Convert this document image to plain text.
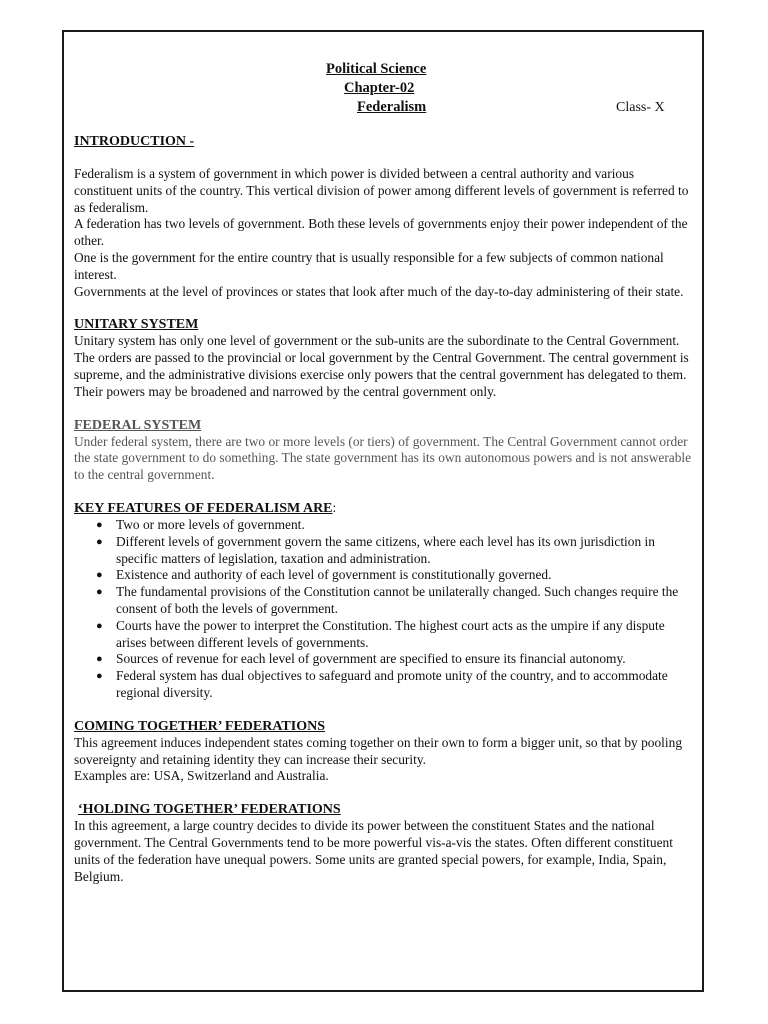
Political Science
Chapter-02
Federalism	Class- X
INTRODUCTION -

Federalism is a system of government in which power is divided between a central authority and various constituent units of the country. This vertical division of power among different levels of government is referred to as federalism.

A federation has two levels of government. Both these levels of governments enjoy their power independent of the other.

One is the government for the entire country that is usually responsible for a few subjects of common national interest.

Governments at the level of provinces or states that look after much of the day-to-day administering of their state.

UNITARY SYSTEM

Unitary system has only one level of government or the sub-units are the subordinate to the Central Government. The orders are passed to the provincial or local government by the Central Government. The central government is supreme, and the administrative divisions exercise only powers that the central government has delegated to them. Their powers may be broadened and narrowed by the central government only.

FEDERAL SYSTEM

Under federal system, there are two or more levels (or tiers) of government. The Central Government cannot order the state government to do something. The state government has its own autonomous powers and is not answerable to the central government.

KEY FEATURES OF FEDERALISM ARE:
● Two or more levels of government.
● Different levels of government govern the same citizens, where each level has its own jurisdiction in specific matters of legislation, taxation and administration.
● Existence and authority of each level of government is constitutionally governed.
● The fundamental provisions of the Constitution cannot be unilaterally changed. Such changes require the consent of both the levels of government.
● Courts have the power to interpret the Constitution. The highest court acts as the umpire if any dispute arises between different levels of governments.
● Sources of revenue for each level of government are specified to ensure its financial autonomy.
● Federal system has dual objectives to safeguard and promote unity of the country, and to accommodate regional diversity.
COMING TOGETHER’ FEDERATIONS

This agreement induces independent states coming together on their own to form a bigger unit, so that by pooling sovereignty and retaining identity they can increase their security.

Examples are: USA, Switzerland and Australia.

‘HOLDING TOGETHER’ FEDERATIONS

In this agreement, a large country decides to divide its power between the constituent States and the national government. The Central Governments tend to be more powerful vis-a-vis the states. Often different constituent units of the federation have unequal powers. Some units are granted special powers, for example, India, Spain, Belgium.
